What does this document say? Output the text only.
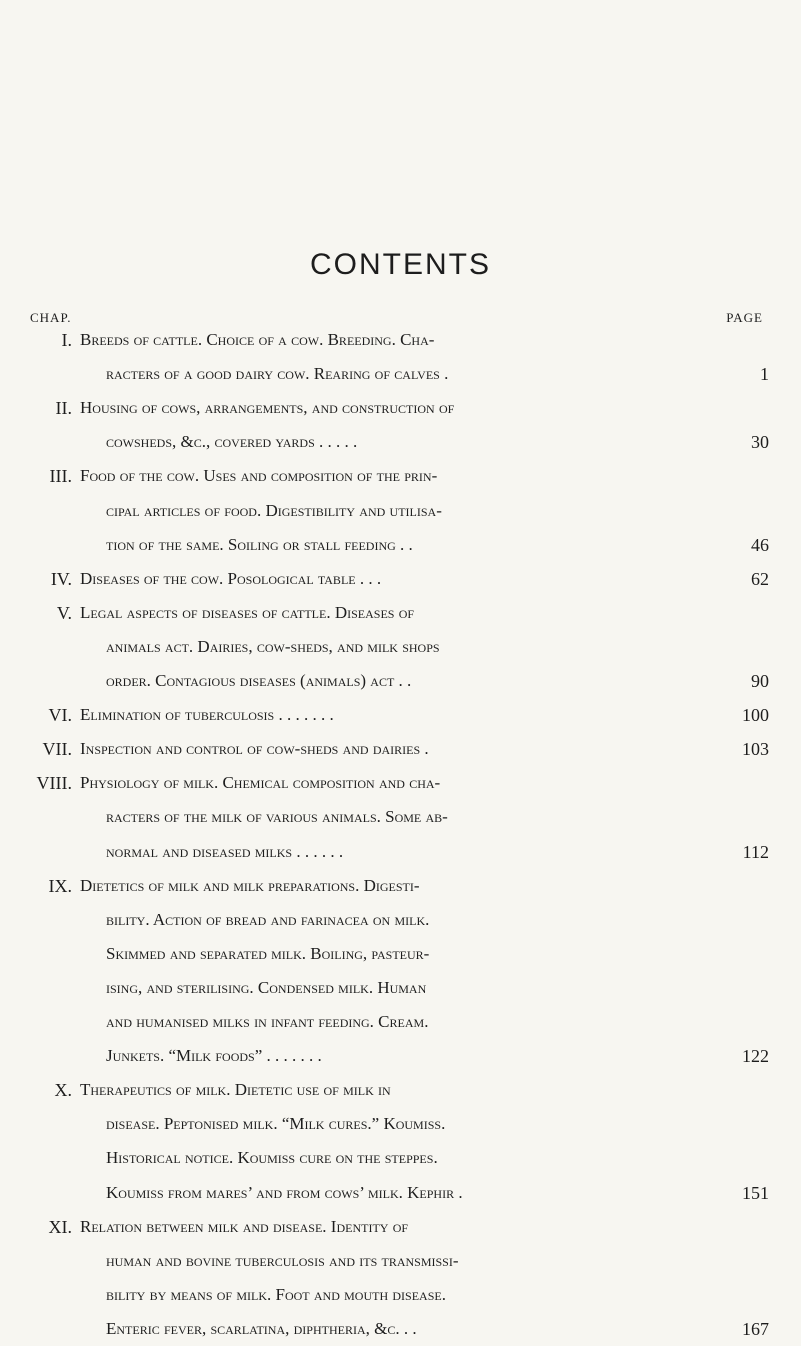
CONTENTS
CHAP.	PAGE
I. Breeds of cattle. Choice of a cow. Breeding. Cha-
racters of a good dairy cow. Rearing of calves .	1
II. Housing of cows, arrangements, and construction of
cowsheds, &c., covered yards . . . . .	30
III. Food of the cow. Uses and composition of the prin-
cipal articles of food. Digestibility and utilisa-
tion of the same. Soiling or stall feeding . .	46
IV. Diseases of the cow. Posological table . . .	62
V. Legal aspects of diseases of cattle. Diseases of
animals act. Dairies, cow-sheds, and milk shops
order. Contagious diseases (animals) act . .	90
VI. Elimination of tuberculosis . . . . . . .	100
VII. Inspection and control of cow-sheds and dairies .	103
VIII. Physiology of milk. Chemical composition and cha-
racters of the milk of various animals. Some ab-
normal and diseased milks . . . . . .	112
IX. Dietetics of milk and milk preparations. Digesti-
bility. Action of bread and farinacea on milk.
Skimmed and separated milk. Boiling, pasteur-
ising, and sterilising. Condensed milk. Human
and humanised milks in infant feeding. Cream.
Junkets. “Milk foods” . . . . . . .	122
X. Therapeutics of milk. Dietetic use of milk in
disease. Peptonised milk. “Milk cures.” Koumiss.
Historical notice. Koumiss cure on the steppes.
Koumiss from mares’ and from cows’ milk. Kephir .	151
XI. Relation between milk and disease. Identity of
human and bovine tuberculosis and its transmissi-
bility by means of milk. Foot and mouth disease.
Enteric fever, scarlatina, diphtheria, &c. . .	167
